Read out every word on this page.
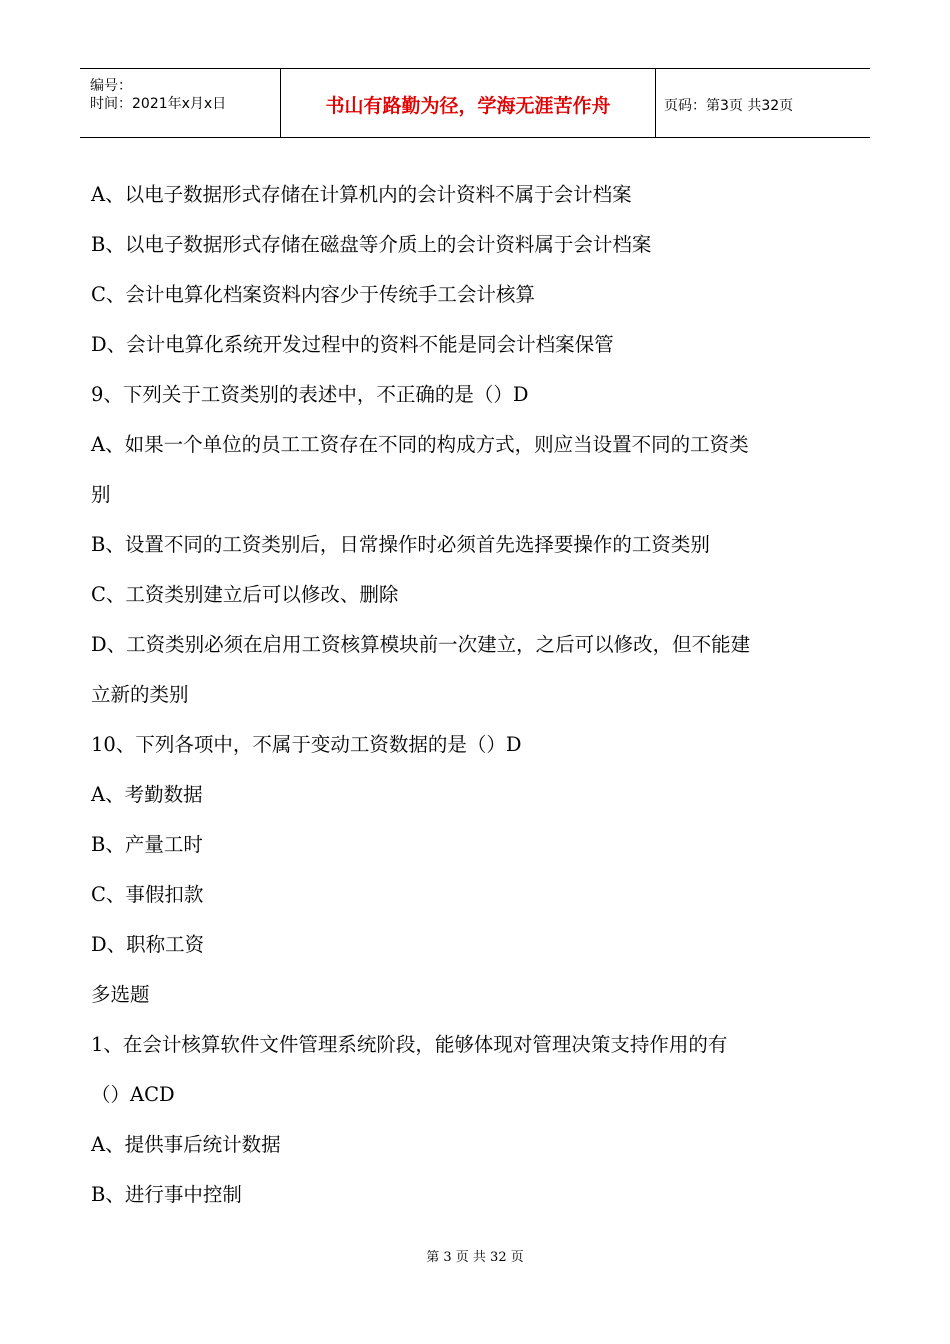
编号：
时间：2021年x月x日	书山有路勤为径，学海无涯苦作舟	页码：第3页 共32页
A、以电子数据形式存储在计算机内的会计资料不属于会计档案
B、以电子数据形式存储在磁盘等介质上的会计资料属于会计档案
C、会计电算化档案资料内容少于传统手工会计核算
D、会计电算化系统开发过程中的资料不能是同会计档案保管
9、下列关于工资类别的表述中，不正确的是（）D
A、如果一个单位的员工工资存在不同的构成方式，则应当设置不同的工资类
别
B、设置不同的工资类别后，日常操作时必须首先选择要操作的工资类别
C、工资类别建立后可以修改、删除
D、工资类别必须在启用工资核算模块前一次建立，之后可以修改，但不能建
立新的类别
10、下列各项中，不属于变动工资数据的是（）D
A、考勤数据
B、产量工时
C、事假扣款
D、职称工资
多选题
1、在会计核算软件文件管理系统阶段，能够体现对管理决策支持作用的有
（）ACD
A、提供事后统计数据
B、进行事中控制
第 3 页 共 32 页
